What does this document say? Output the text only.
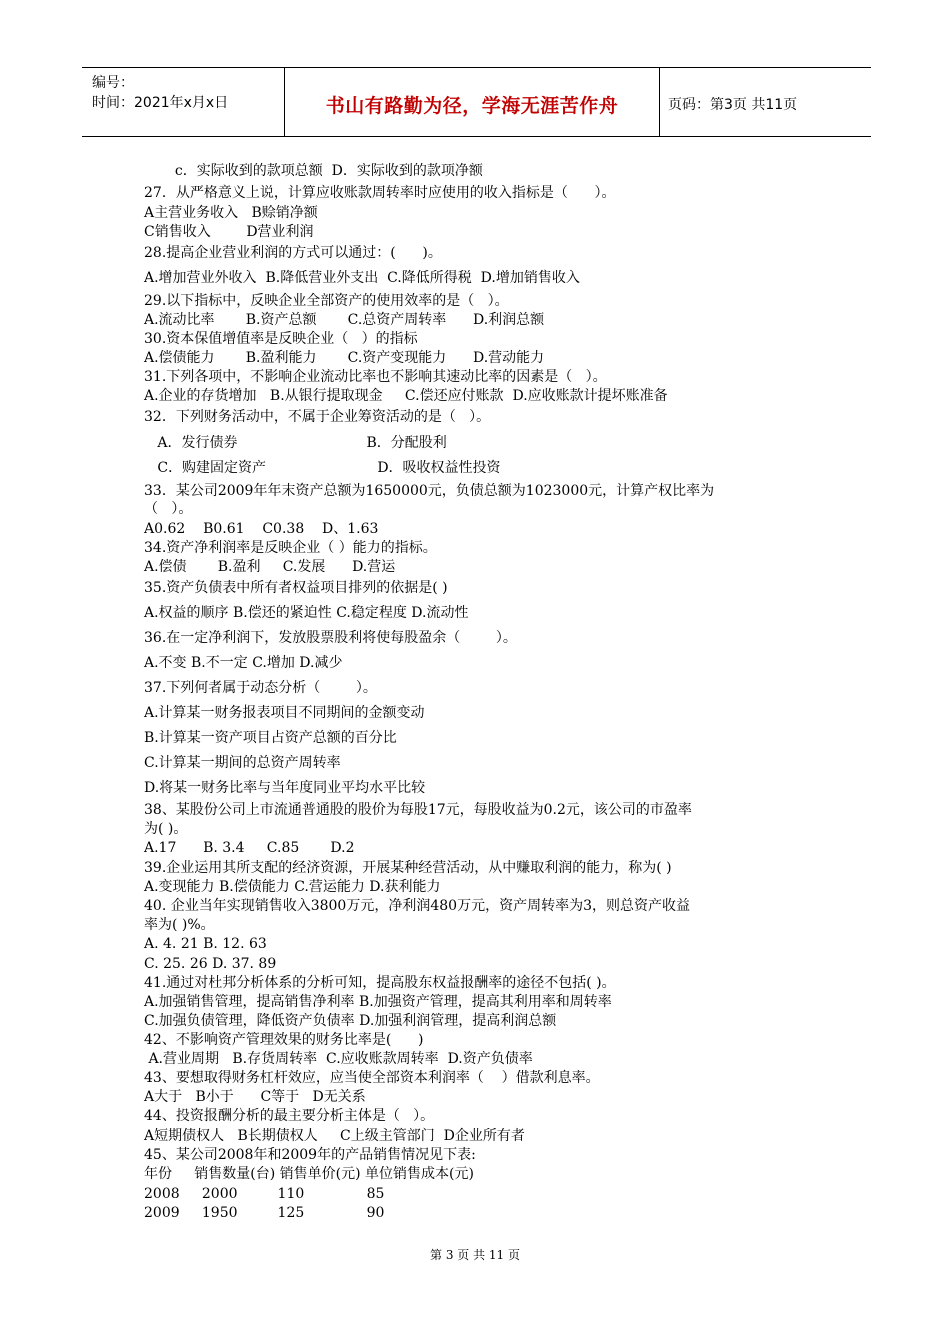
编号：
时间：2021年x月x日	书山有路勤为径，学海无涯苦作舟	页码：第3页 共11页
c．实际收到的款项总额  D．实际收到的款项净额
27．从严格意义上说，计算应收账款周转率时应使用的收入指标是（      ）。
A主营业务收入   B赊销净额
C销售收入        D营业利润
28.提高企业营业利润的方式可以通过：(      )。
A.增加营业外收入  B.降低营业外支出  C.降低所得税  D.增加销售收入
29.以下指标中，反映企业全部资产的使用效率的是（   ）。
A.流动比率       B.资产总额       C.总资产周转率      D.利润总额
30.资本保值增值率是反映企业（   ）的指标
A.偿债能力       B.盈利能力       C.资产变现能力      D.营动能力
31.下列各项中，不影响企业流动比率也不影响其速动比率的因素是（   ）。
A.企业的存货增加   B.从银行提取现金     C.偿还应付账款  D.应收账款计提坏账准备
32．下列财务活动中，不属于企业筹资活动的是（   ）。
A．发行债券                             B．分配股利
C．购建固定资产                         D．吸收权益性投资
33．某公司2009年年末资产总额为1650000元，负债总额为1023000元，计算产权比率为
（   ）。
A0.62    B0.61    C0.38    D、1.63
34.资产净利润率是反映企业（ ）能力的指标。
A.偿债       B.盈利     C.发展      D.营运
35.资产负债表中所有者权益项目排列的依据是( )
A.权益的顺序 B.偿还的紧迫性 C.稳定程度 D.流动性
36.在一定净利润下，发放股票股利将使每股盈余（        ）。
A.不变 B.不一定 C.增加 D.减少
37.下列何者属于动态分析（        ）。
A.计算某一财务报表项目不同期间的金额变动
B.计算某一资产项目占资产总额的百分比
C.计算某一期间的总资产周转率
D.将某一财务比率与当年度同业平均水平比较
38、某股份公司上市流通普通股的股价为每股17元，每股收益为0.2元，该公司的市盈率
为( )。
A.17      B. 3.4     C.85       D.2
39.企业运用其所支配的经济资源，开展某种经营活动，从中赚取利润的能力，称为( )
A.变现能力 B.偿债能力 C.营运能力 D.获利能力
40. 企业当年实现销售收入3800万元，净利润480万元，资产周转率为3，则总资产收益
率为( )%。
A. 4. 21 B. 12. 63
C. 25. 26 D. 37. 89
41.通过对杜邦分析体系的分析可知，提高股东权益报酬率的途径不包括( )。
A.加强销售管理，提高销售净利率 B.加强资产管理，提高其利用率和周转率
C.加强负债管理，降低资产负债率 D.加强利润管理，提高利润总额
42、不影响资产管理效果的财务比率是(      )
A.营业周期   B.存货周转率  C.应收账款周转率  D.资产负债率
43、要想取得财务杠杆效应，应当使全部资本利润率（    ）借款利息率。
A大于   B小于      C等于   D无关系
44、投资报酬分析的最主要分析主体是（   ）。
A短期债权人   B长期债权人     C上级主管部门  D企业所有者
45、某公司2008年和2009年的产品销售情况见下表:
年份     销售数量(台) 销售单价(元) 单位销售成本(元)
2008     2000         110              85
2009     1950         125              90
第 3 页 共 11 页
